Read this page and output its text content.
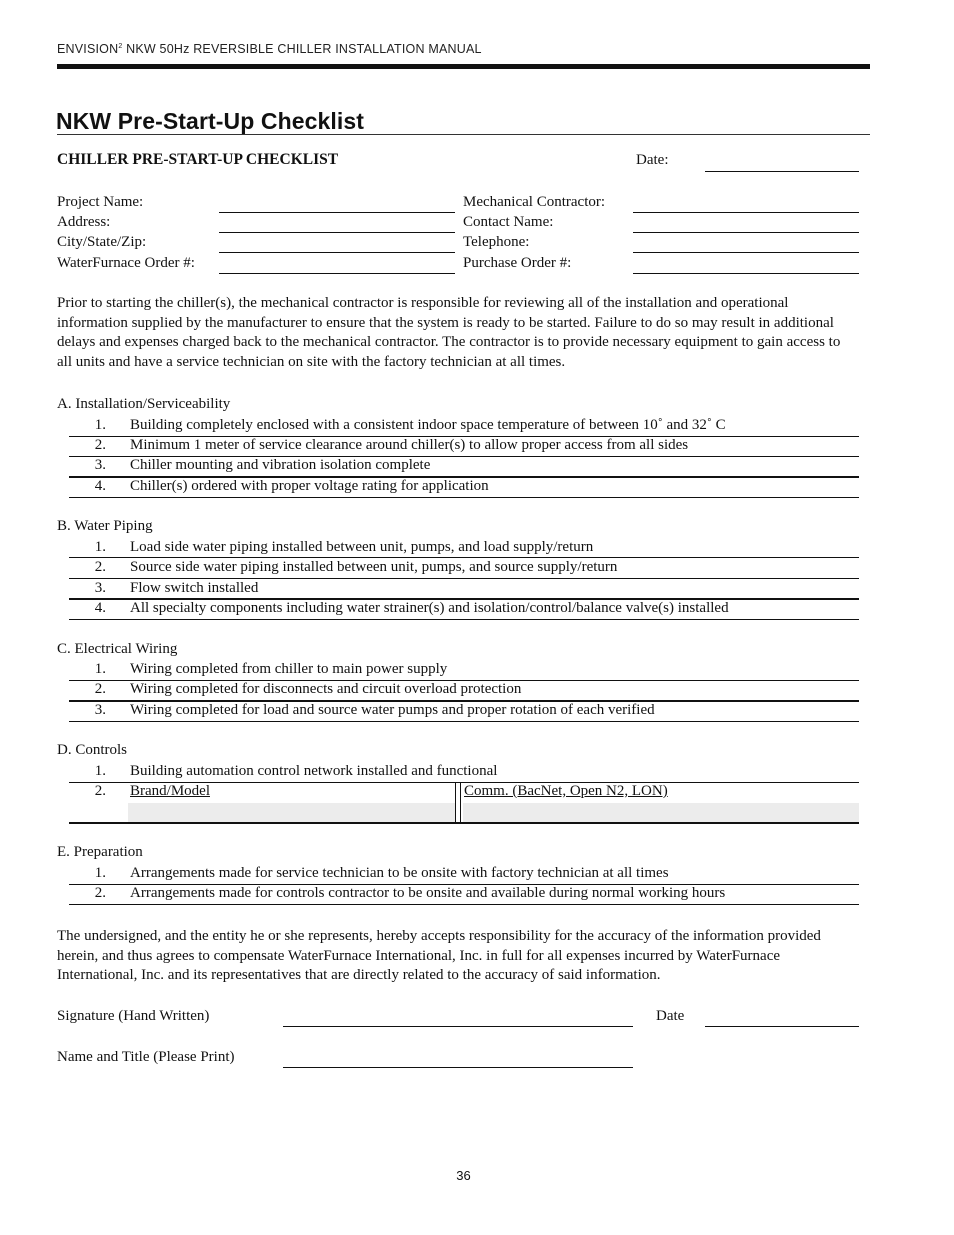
ENVISION$^2$ NKW 50Hz REVERSIBLE CHILLER INSTALLATION MANUAL
NKW Pre-Start-Up Checklist
CHILLER PRE-START-UP CHECKLIST	Date:
Project Name:
Address:
City/State/Zip:
WaterFurnace Order #:
Mechanical Contractor:
Contact Name:
Telephone:
Purchase Order #:
Prior to starting the chiller(s), the mechanical contractor is responsible for reviewing all of the installation and operational information supplied by the manufacturer to ensure that the system is ready to be started. Failure to do so may result in additional delays and expenses charged back to the mechanical contractor. The contractor is to provide necessary equipment to gain access to all units and have a service technician on site with the factory technician at all times.
A. Installation/Serviceability
1. Building completely enclosed with a consistent indoor space temperature of between 10˚ and 32˚ C
2. Minimum 1 meter of service clearance around chiller(s) to allow proper access from all sides
3. Chiller mounting and vibration isolation complete
4. Chiller(s) ordered with proper voltage rating for application
B. Water Piping
1. Load side water piping installed between unit, pumps, and load supply/return
2. Source side water piping installed between unit, pumps, and source supply/return
3. Flow switch installed
4. All specialty components including water strainer(s) and isolation/control/balance valve(s) installed
C. Electrical Wiring
1. Wiring completed from chiller to main power supply
2. Wiring completed for disconnects and circuit overload protection
3. Wiring completed for load and source water pumps and proper rotation of each verified
D. Controls
1. Building automation control network installed and functional
2. Brand/Model	Comm. (BacNet, Open N2, LON)
E. Preparation
1. Arrangements made for service technician to be onsite with factory technician at all times
2. Arrangements made for controls contractor to be onsite and available during normal working hours
The undersigned, and the entity he or she represents, hereby accepts responsibility for the accuracy of the information provided herein, and thus agrees to compensate WaterFurnace International, Inc. in full for all expenses incurred by WaterFurnace International, Inc. and its representatives that are directly related to the accuracy of said information.
Signature (Hand Written)	Date
Name and Title (Please Print)
36
